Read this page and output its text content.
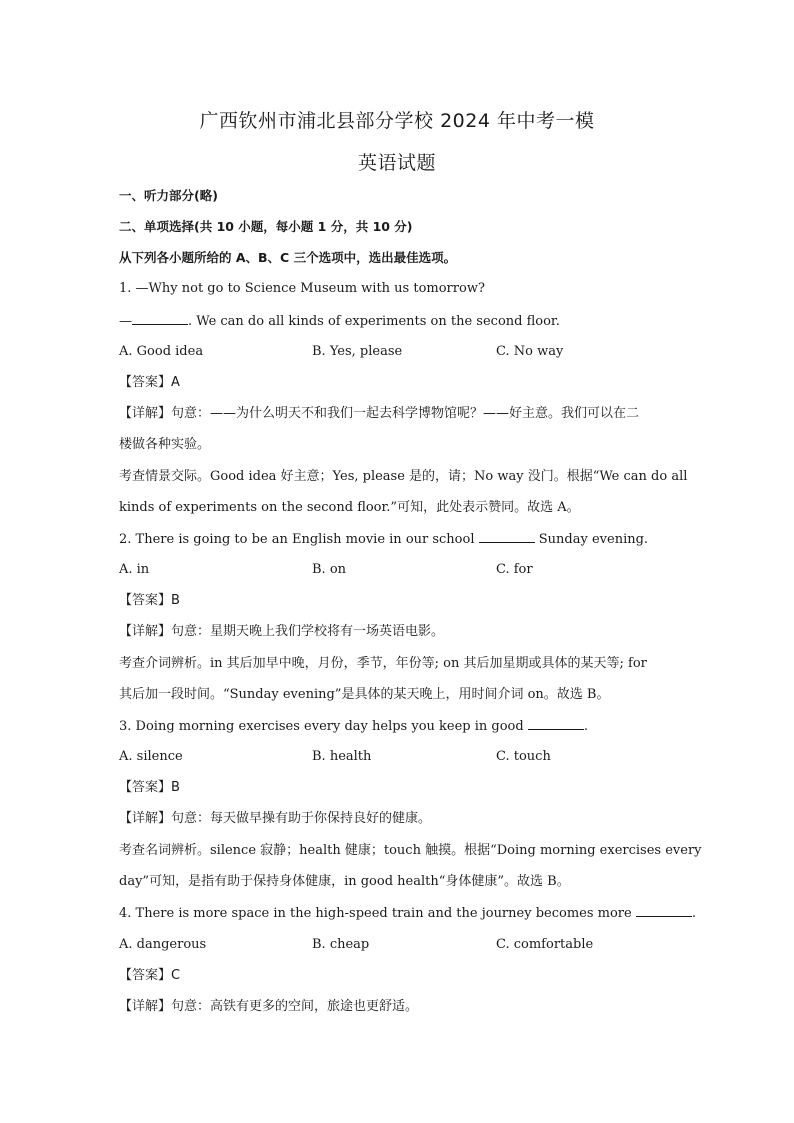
广西钦州市浦北县部分学校 2024 年中考一模
英语试题
一、听力部分(略)
二、单项选择(共 10 小题，每小题 1 分，共 10 分)
从下列各小题所给的 A、B、C 三个选项中，选出最佳选项。
1. —Why not go to Science Museum with us tomorrow?
—	. We can do all kinds of experiments on the second floor.
A. Good idea	B. Yes, please	C. No way
【答案】A
【详解】句意：——为什么明天不和我们一起去科学博物馆呢？——好主意。我们可以在二
楼做各种实验。
考查情景交际。Good idea 好主意；Yes, please 是的，请；No way 没门。根据“We can do all
kinds of experiments on the second floor.”可知，此处表示赞同。故选 A。
2. There is going to be an English movie in our school	Sunday evening.
A. in	B. on	C. for
【答案】B
【详解】句意：星期天晚上我们学校将有一场英语电影。
考查介词辨析。in 其后加早中晚，月份，季节，年份等; on 其后加星期或具体的某天等; for
其后加一段时间。“Sunday evening”是具体的某天晚上，用时间介词 on。故选 B。
3. Doing morning exercises every day helps you keep in good	.
A. silence	B. health	C. touch
【答案】B
【详解】句意：每天做早操有助于你保持良好的健康。
考查名词辨析。silence 寂静；health 健康；touch 触摸。根据“Doing morning exercises every
day”可知，是指有助于保持身体健康，in good health“身体健康”。故选 B。
4. There is more space in the high-speed train and the journey becomes more	.
A. dangerous	B. cheap	C. comfortable
【答案】C
【详解】句意：高铁有更多的空间，旅途也更舒适。
